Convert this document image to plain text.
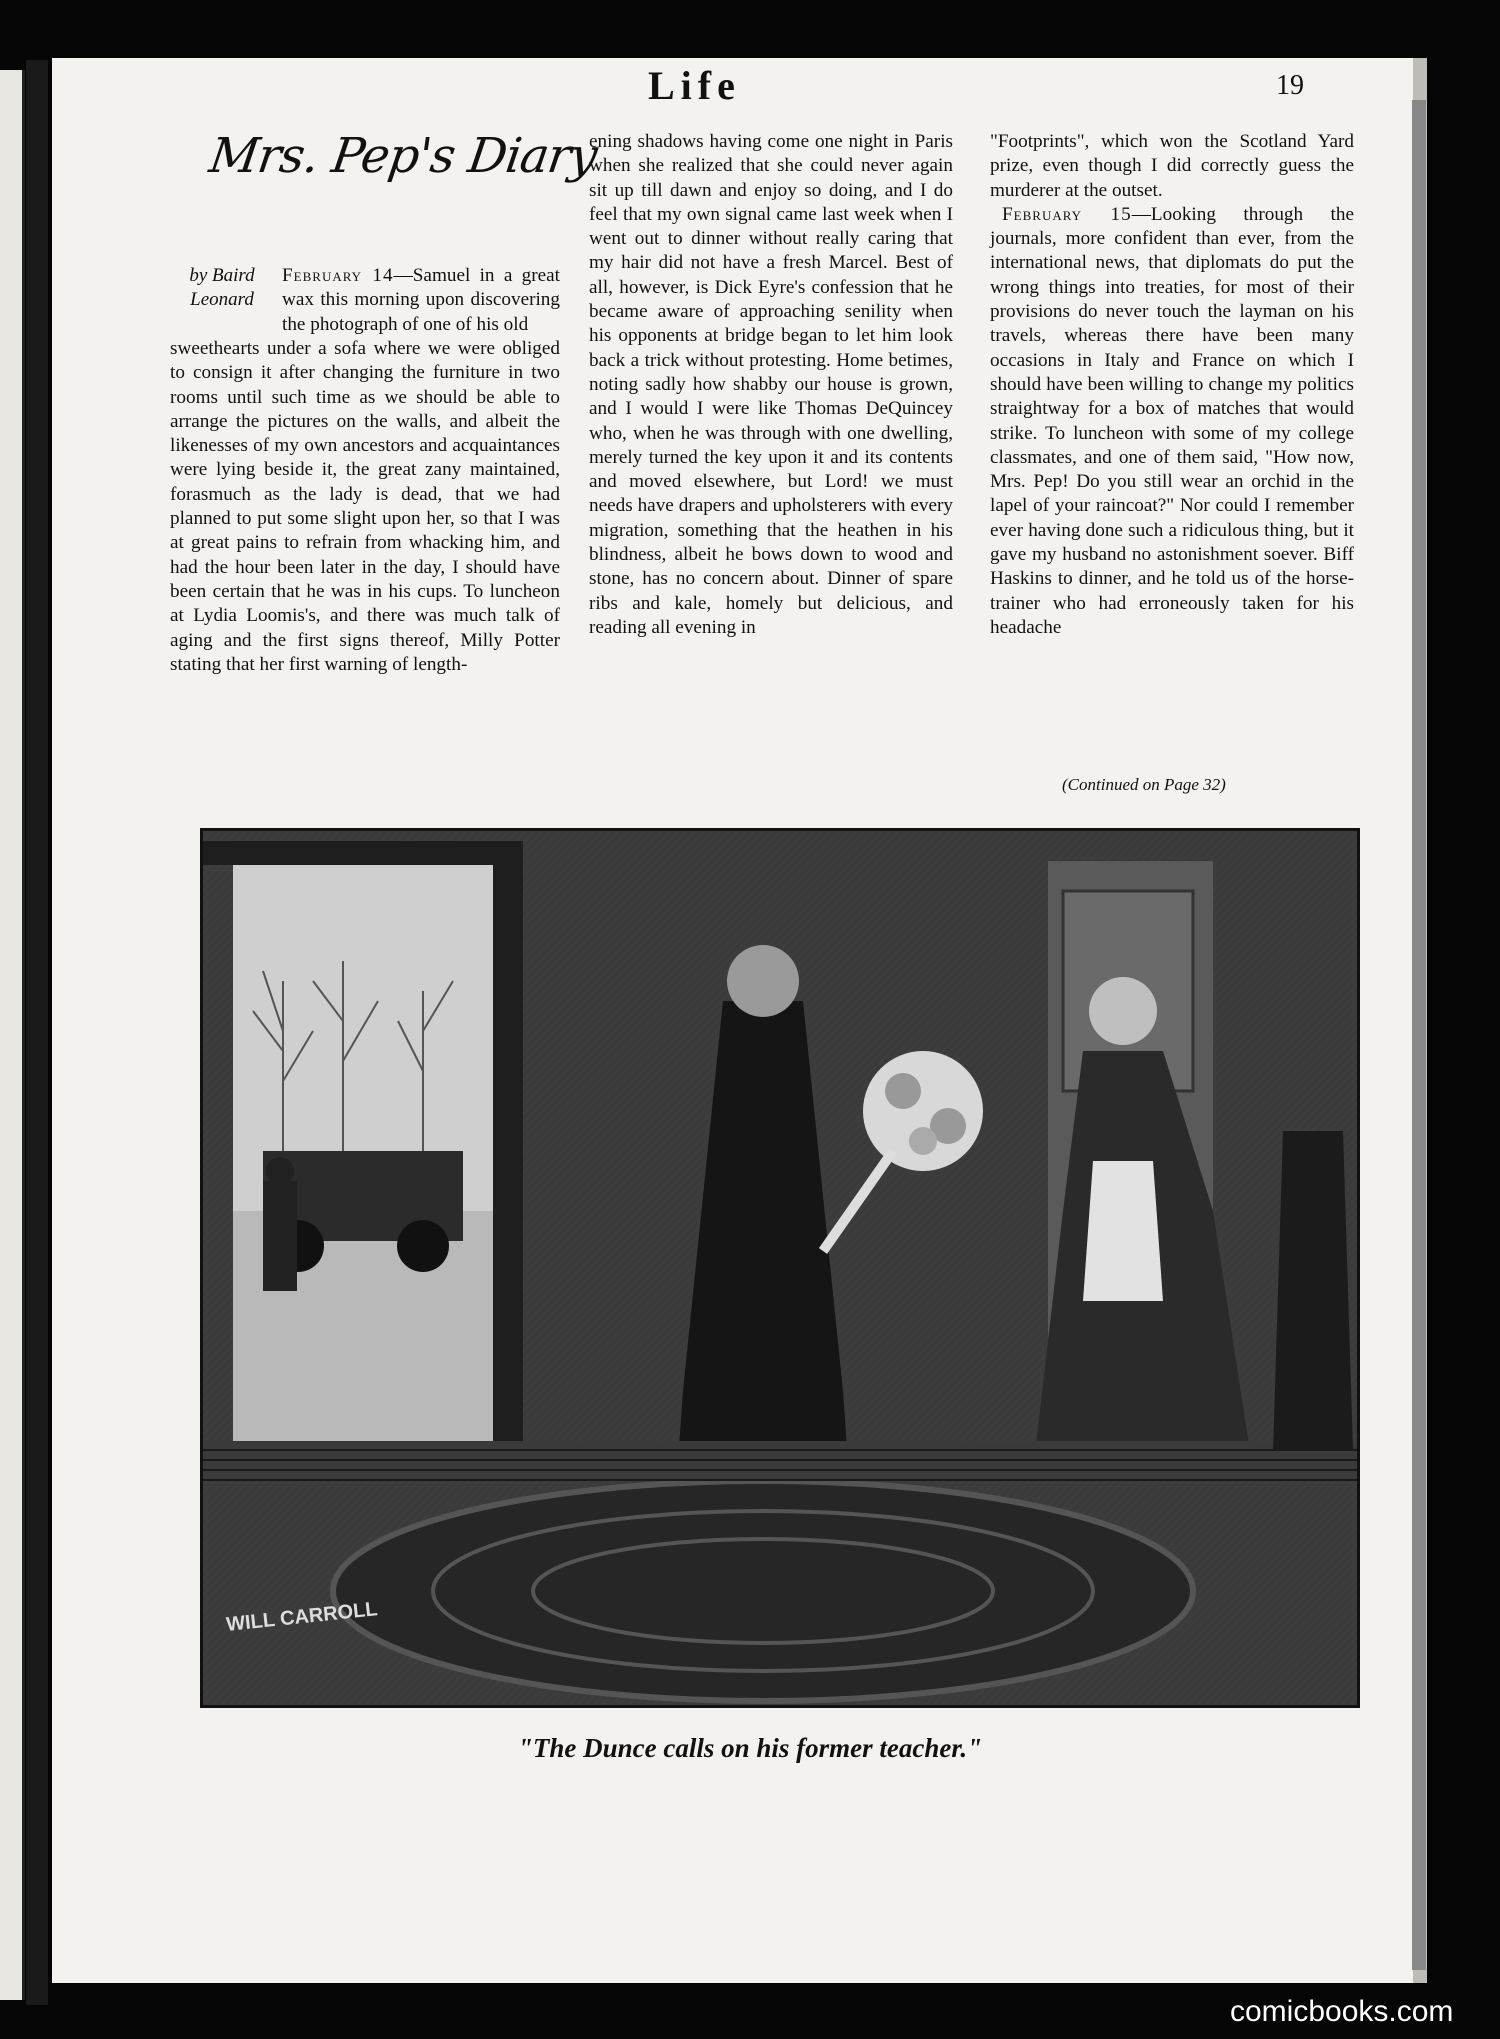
Life	19
Mrs. Pep's Diary
by Baird Leonard
February 14—Samuel in a great wax this morning upon discovering the photograph of one of his old
sweethearts under a sofa where we were obliged to consign it after changing the furniture in two rooms until such time as we should be able to arrange the pictures on the walls, and albeit the likenesses of my own ancestors and acquaintances were lying beside it, the great zany maintained, forasmuch as the lady is dead, that we had planned to put some slight upon her, so that I was at great pains to refrain from whacking him, and had the hour been later in the day, I should have been certain that he was in his cups. To luncheon at Lydia Loomis's, and there was much talk of aging and the first signs thereof, Milly Potter stating that her first warning of length-
ening shadows having come one night in Paris when she realized that she could never again sit up till dawn and enjoy so doing, and I do feel that my own signal came last week when I went out to dinner without really caring that my hair did not have a fresh Marcel. Best of all, however, is Dick Eyre's confession that he became aware of approaching senility when his opponents at bridge began to let him look back a trick without protesting. Home betimes, noting sadly how shabby our house is grown, and I would I were like Thomas DeQuincey who, when he was through with one dwelling, merely turned the key upon it and its contents and moved elsewhere, but Lord! we must needs have drapers and upholsterers with every migration, something that the heathen in his blindness, albeit he bows down to wood and stone, has no concern about. Dinner of spare ribs and kale, homely but delicious, and reading all evening in

"Footprints", which won the Scotland Yard prize, even though I did correctly guess the murderer at the outset.

February 15—Looking through the journals, more confident than ever, from the international news, that diplomats do put the wrong things into treaties, for most of their provisions do never touch the layman on his travels, whereas there have been many occasions in Italy and France on which I should have been willing to change my politics straightway for a box of matches that would strike. To luncheon with some of my college classmates, and one of them said, "How now, Mrs. Pep! Do you still wear an orchid in the lapel of your raincoat?" Nor could I remember ever having done such a ridiculous thing, but it gave my husband no astonishment soever. Biff Haskins to dinner, and he told us of the horse-trainer who had erroneously taken for his headache

(Continued on Page 32)
WILL CARROLL
"The Dunce calls on his former teacher."
comicbooks.com
